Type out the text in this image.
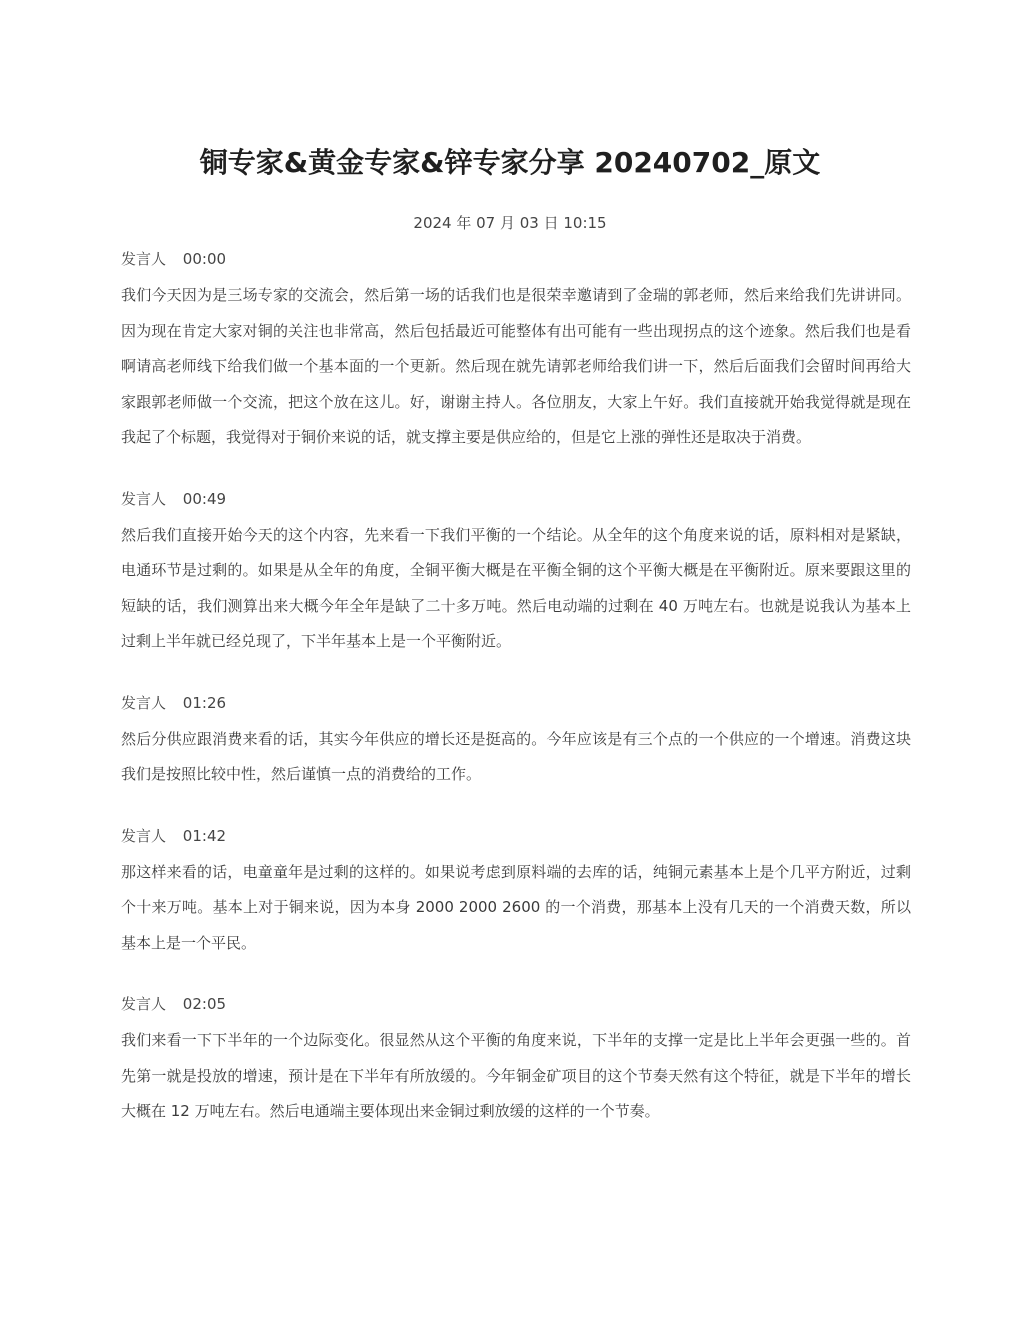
铜专家&黄金专家&锌专家分享 20240702_原文
2024 年 07 月 03 日 10:15
发言人 00:00

我们今天因为是三场专家的交流会，然后第一场的话我们也是很荣幸邀请到了金瑞的郭老师，然后来给我们先讲讲同。因为现在肯定大家对铜的关注也非常高，然后包括最近可能整体有出可能有一些出现拐点的这个迹象。然后我们也是看啊请高老师线下给我们做一个基本面的一个更新。然后现在就先请郭老师给我们讲一下，然后后面我们会留时间再给大家跟郭老师做一个交流，把这个放在这儿。好，谢谢主持人。各位朋友，大家上午好。我们直接就开始我觉得就是现在我起了个标题，我觉得对于铜价来说的话，就支撑主要是供应给的，但是它上涨的弹性还是取决于消费。

发言人 00:49

然后我们直接开始今天的这个内容，先来看一下我们平衡的一个结论。从全年的这个角度来说的话，原料相对是紧缺，电通环节是过剩的。如果是从全年的角度，全铜平衡大概是在平衡全铜的这个平衡大概是在平衡附近。原来要跟这里的短缺的话，我们测算出来大概今年全年是缺了二十多万吨。然后电动端的过剩在 40 万吨左右。也就是说我认为基本上过剩上半年就已经兑现了，下半年基本上是一个平衡附近。

发言人 01:26

然后分供应跟消费来看的话，其实今年供应的增长还是挺高的。今年应该是有三个点的一个供应的一个增速。消费这块我们是按照比较中性，然后谨慎一点的消费给的工作。

发言人 01:42

那这样来看的话，电童童年是过剩的这样的。如果说考虑到原料端的去库的话，纯铜元素基本上是个几平方附近，过剩个十来万吨。基本上对于铜来说，因为本身 2000 2000 2600 的一个消费，那基本上没有几天的一个消费天数，所以基本上是一个平民。

发言人 02:05

我们来看一下下半年的一个边际变化。很显然从这个平衡的角度来说，下半年的支撑一定是比上半年会更强一些的。首先第一就是投放的增速，预计是在下半年有所放缓的。今年铜金矿项目的这个节奏天然有这个特征，就是下半年的增长大概在 12 万吨左右。然后电通端主要体现出来金铜过剩放缓的这样的一个节奏。
